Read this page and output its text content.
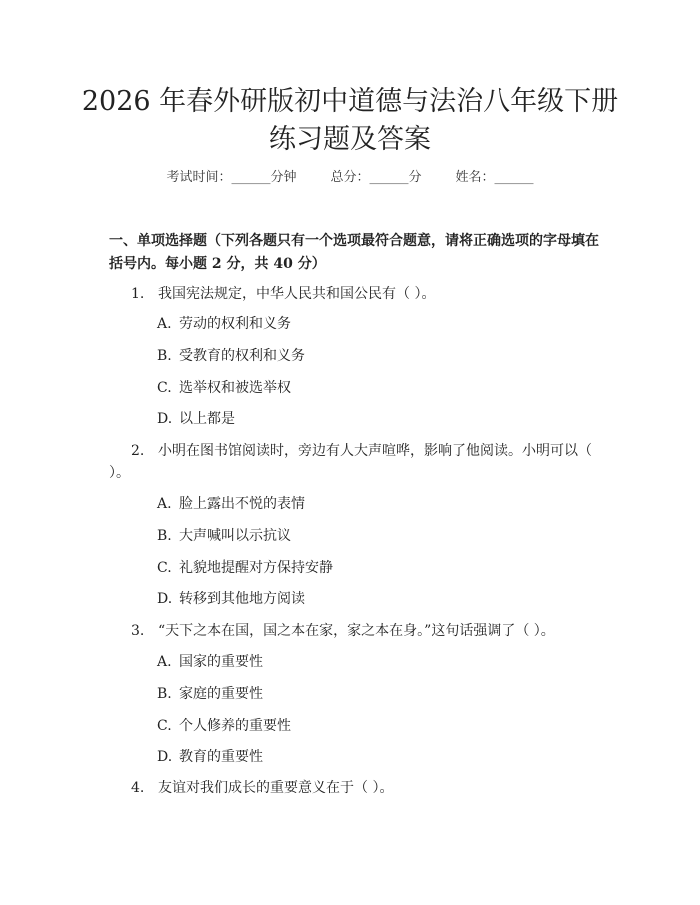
2026 年春外研版初中道德与法治八年级下册
练习题及答案
考试时间：______分钟	总分：______分	姓名：______
一、单项选择题（下列各题只有一个选项最符合题意，请将正确选项的字母填在括号内。每小题 2 分，共 40 分）
1. 我国宪法规定，中华人民共和国公民有（ ）。
A. 劳动的权利和义务
B. 受教育的权利和义务
C. 选举权和被选举权
D. 以上都是
2. 小明在图书馆阅读时，旁边有人大声喧哗，影响了他阅读。小明可以（ ）。
A. 脸上露出不悦的表情
B. 大声喊叫以示抗议
C. 礼貌地提醒对方保持安静
D. 转移到其他地方阅读
3. “天下之本在国，国之本在家，家之本在身。”这句话强调了（ ）。
A. 国家的重要性
B. 家庭的重要性
C. 个人修养的重要性
D. 教育的重要性
4. 友谊对我们成长的重要意义在于（ ）。
